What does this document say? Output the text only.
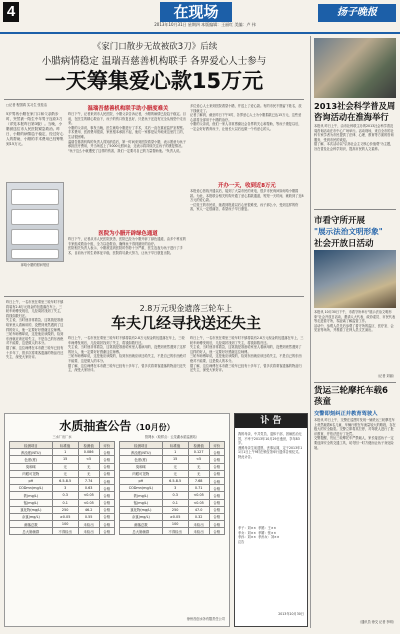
4	在现场
2013年10月31日 星期四 本版编辑：王丽红 美编：卢 伟
扬子晚报
《家门口散步无故被砍3刀》后续
小腊病情稳定 温瑞吾慈善机构联手 各界爱心人士参与
一天筹集爱心款15万元
□记者 程国鸿 实习生 张桂洁
5岁男孩小腊在家门口和父亲散步时，突然被一陌生中年男子连砍3刀（详见本报昨日第3版）。当晚，小腊被送往市人民医院紧急救治。昨日，小腊的病情趋于稳定，经过好心人的帮助，小腊的手术费用已经筹集到15万元。
拿给小腊的慰问短信
温瑞吾慈善机构联手助小腊度难关
昨日下午，记者来到市人民医院，小腊父亲告诉记者，小腊的病情已经趋于稳定。目前，在医生的精心救治下，孩子的伤口恢复良好，只是孩子还没有完全从惊恐中走出来。
小腊的父亲说，事发当晚，医生就给小腊进行了手术，术后一直在重症监护室观察。手术费用、医药费用很高，家里根本承担不起，他们一家都是从外地来这里打工的，生活很困难。
温瑞吾慈善机构的负责人得知消息后，第一时间来到医院看望小腊，表示愿意为孩子承担医疗费用，并当场送上了5000元慰问金，还表示将持续关注孩子的康复情况。
"孩子这么小就遭受了这样的伤害，我们一定要尽自己的力量帮助他。"负责人说。
医院为小腊开辟绿色通道
昨日下午，记者从市人民医院获悉，医院已经为小腊开辟了绿色通道，由多个科室的专家组成救治小组，全力以赴救治，确保孩子得到最好的治疗。
医院相关负责人表示，小腊被送到医院时伤势十分严重，医生连夜为孩子进行了手术，目前孩子的生命体征平稳，医院将尽最大努力，让孩子早日康复出院。
多位爱心人士来到医院看望小腊，并送上了爱心款。有的市民不愿留下姓名，放下钱就走了。
记者了解到，截至昨日下午5时，各界爱心人士为小腊捐款已达15万元，这些爱心款将全部用于小腊的治疗。
小腊的父亲说，他们一家人非常感谢社会各界的关心和帮助，等孩子康复以后，一定会好好教育孩子，让他长大以后也做一个有爱心的人。
开办一天，收到近8万元
本报爱心热线开通以后，接到了大量市民的来电，很多市民询问如何给小腊捐款。为此，本报联合相关机构开通了爱心捐款通道，短短一天时间，就收到了近8万元的爱心款。
一位姓王的市民说，她看到报道以后心里很难受，孩子那么小，受到这样的伤害，家人一定很痛苦，希望孩子早日康复。
昨日上午，一名市民在乘坐三轮车时不慎将装有2.8万元现金的包遗落在车上，三轮车师傅发现后，几经周折找到了失主，将钱如数归还。
失主说，当时他非常着急，这笔钱是准备给家里人看病用的，没想到竟然遇到了这样的好人，他一定要好好感谢这位师傅。
三轮车师傅却说，这是他应该做的，捡到东西就应该还给失主，不是自己的东西绝对不能要，这是做人的本分。
据了解，这位师傅在本市蹬三轮车已经有十多年了，曾多次将乘客遗落的物品归还失主，深受大家好评。
2.8万元现金遗落三轮车上
车夫几经寻找送还失主
昨日上午，一名市民在乘坐三轮车时不慎将装有2.8万元现金的包遗落在车上，三轮车师傅发现后，几经周折找到了失主，将钱如数归还。
失主说，当时他非常着急，这笔钱是准备给家里人看病用的，没想到竟然遇到了这样的好人，他一定要好好感谢这位师傅。
三轮车师傅却说，这是他应该做的，捡到东西就应该还给失主，不是自己的东西绝对不能要，这是做人的本分。
据了解，这位师傅在本市蹬三轮车已经有十多年了，曾多次将乘客遗落的物品归还失主，深受大家好评。
昨日上午，一名市民在乘坐三轮车时不慎将装有2.8万元现金的包遗落在车上，三轮车师傅发现后，几经周折找到了失主，将钱如数归还。
失主说，当时他非常着急，这笔钱是准备给家里人看病用的，没想到竟然遇到了这样的好人，他一定要好好感谢这位师傅。
三轮车师傅却说，这是他应该做的，捡到东西就应该还给失主，不是自己的东西绝对不能要，这是做人的本分。
据了解，这位师傅在本市蹬三轮车已经有十多年了，曾多次将乘客遗落的物品归还失主，深受大家好评。
水质抽查公告（10月份）
三水厂出厂水	管网水（取样点：云龙湖水质监测站）
检测项目	标准值	检测值	评价
浑浊度(NTU)	1	0.086	合格
色度(度)	15	<5	合格
臭和味	无	无	合格
肉眼可见物	无	无	合格
pH	6.5-8.5	7.74	合格
CODmn(mg/L)	3	0.63	合格
铁(mg/L)	0.3	<0.05	合格
锰(mg/L)	0.1	<0.05	合格
氯化物(mg/L)	250	46.2	合格
余氯(mg/L)	≥0.05	0.55	合格
菌落总数	100	未检出	合格
总大肠菌群	不得检出	未检出	合格
检测项目	标准值	检测值	评价
浑浊度(NTU)	1	0.127	合格
色度(度)	15	<5	合格
臭和味	无	无	合格
肉眼可见物	无	无	合格
pH	6.5-8.5	7.68	合格
CODmn(mg/L)	3	0.71	合格
铁(mg/L)	0.3	<0.05	合格
锰(mg/L)	0.1	<0.05	合格
氯化物(mg/L)	250	47.0	合格
余氯(mg/L)	≥0.05	0.32	合格
菌落总数	100	未检出	合格
总大肠菌群	不得检出	未检出	合格
徐州首创水务有限责任公司
讣 告
我的母亲，中共党员，退休干部，因病医治无效，不幸于2013年10月29日逝世，享年83岁。
遵照母亲生前遗愿，丧事从简，定于2013年11月1日上午9时在殡仪馆举行遗体告别仪式。
特此讣告。
孝子：刘××  孝媳：王××
孝女：刘××  孝婿：张××
孝孙：刘××  孝孙女：刘××
泣告
2013年10月30日
2013社会科学普及周咨询活动在淮海举行
本报讯 昨日上午，由市社科联主办的2013社会科学普及周咨询活动在市中心广场举行。活动现场，来自全市的社科专家学者为市民提供了法律、心理、教育等方面的咨询服务，受到市民的欢迎。
据了解，本次活动以"弘扬社会主义核心价值观"为主题，旨在普及社会科学知识，提高市民的人文素养。
市看守所开展
"展示法治文明形象"
社会开放日活动
本报讯 10月30日下午，市看守所举行"展示法治文明形象"社会开放日活动，邀请人大代表、政协委员、市民代表等走进看守所，零距离了解监管工作。
活动中，参观人员先后参观了看守所的监区、医疗室、会见室等场所，并观看了在押人员文艺演出。
（记者 刘丽）
货运三轮摩托车载6孩童
交警即刻纠正并教育驾驶人
本报讯 昨日上午，交警在巡逻时发现一辆货运三轮摩托车上竟然载着6名儿童，车辆行驶在车流量较大的路段，存在极大的安全隐患。交警立即将其拦停，对驾驶人进行了批评教育，并依法进行了处罚。
交警提醒，货运三轮摩托车严禁载人，家长接送孩子一定要选择安全的交通工具，切勿因一时方便而让孩子身处险境。
（通讯员 徐交 记者 李明）
